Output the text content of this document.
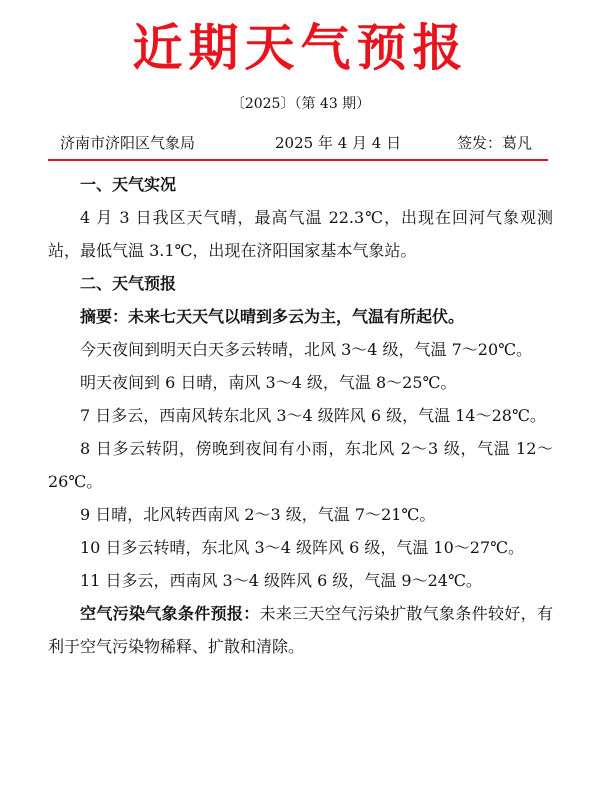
近期天气预报
〔2025〕（第 43 期）
济南市济阳区气象局	2025 年 4 月 4 日	签发：葛凡

一、天气实况

4 月 3 日我区天气晴，最高气温 22.3℃，出现在回河气象观测站，最低气温 3.1℃，出现在济阳国家基本气象站。

二、天气预报

摘要：未来七天天气以晴到多云为主，气温有所起伏。

今天夜间到明天白天多云转晴，北风 3～4 级，气温 7～20℃。

明天夜间到 6 日晴，南风 3～4 级，气温 8～25℃。

7 日多云，西南风转东北风 3～4 级阵风 6 级，气温 14～28℃。

8 日多云转阴，傍晚到夜间有小雨，东北风 2～3 级，气温 12～26℃。

9 日晴，北风转西南风 2～3 级，气温 7～21℃。

10 日多云转晴，东北风 3～4 级阵风 6 级，气温 10～27℃。

11 日多云，西南风 3～4 级阵风 6 级，气温 9～24℃。

空气污染气象条件预报：未来三天空气污染扩散气象条件较好，有利于空气污染物稀释、扩散和清除。
